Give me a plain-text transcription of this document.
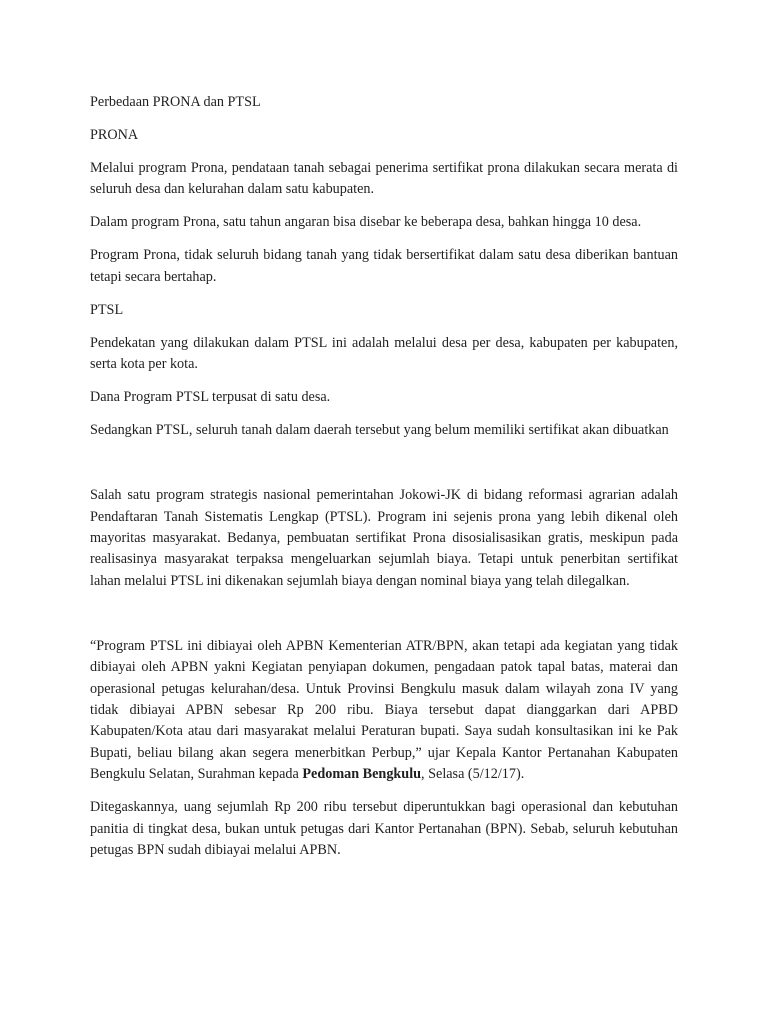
Perbedaan PRONA dan PTSL

PRONA

Melalui program Prona, pendataan tanah sebagai penerima sertifikat prona dilakukan secara merata di seluruh desa dan kelurahan dalam satu kabupaten.

Dalam program Prona, satu tahun angaran bisa disebar ke beberapa desa, bahkan hingga 10 desa.

Program Prona, tidak seluruh bidang tanah yang tidak bersertifikat dalam satu desa diberikan bantuan tetapi secara bertahap.

PTSL

Pendekatan yang dilakukan dalam PTSL ini adalah melalui desa per desa, kabupaten per kabupaten, serta kota per kota.

Dana Program PTSL terpusat di satu desa.

Sedangkan PTSL, seluruh tanah dalam daerah tersebut yang belum memiliki sertifikat akan dibuatkan

Salah satu program strategis nasional pemerintahan Jokowi-JK di bidang reformasi agrarian adalah Pendaftaran Tanah Sistematis Lengkap (PTSL). Program ini sejenis prona yang lebih dikenal oleh mayoritas masyarakat. Bedanya, pembuatan sertifikat Prona disosialisasikan gratis, meskipun pada realisasinya masyarakat terpaksa mengeluarkan sejumlah biaya. Tetapi untuk penerbitan sertifikat lahan melalui PTSL ini dikenakan sejumlah biaya dengan nominal biaya yang telah dilegalkan.

“Program PTSL ini dibiayai oleh APBN Kementerian ATR/BPN, akan tetapi ada kegiatan yang tidak dibiayai oleh APBN yakni Kegiatan penyiapan dokumen, pengadaan patok tapal batas, materai dan operasional petugas kelurahan/desa. Untuk Provinsi Bengkulu masuk dalam wilayah zona IV yang tidak dibiayai APBN sebesar Rp 200 ribu. Biaya tersebut dapat dianggarkan dari APBD Kabupaten/Kota atau dari masyarakat melalui Peraturan bupati. Saya sudah konsultasikan ini ke Pak Bupati, beliau bilang akan segera menerbitkan Perbup,” ujar Kepala Kantor Pertanahan Kabupaten Bengkulu Selatan, Surahman kepada Pedoman Bengkulu, Selasa (5/12/17).

Ditegaskannya, uang sejumlah Rp 200 ribu tersebut diperuntukkan bagi operasional dan kebutuhan panitia di tingkat desa, bukan untuk petugas dari Kantor Pertanahan (BPN). Sebab, seluruh kebutuhan petugas BPN sudah dibiayai melalui APBN.
